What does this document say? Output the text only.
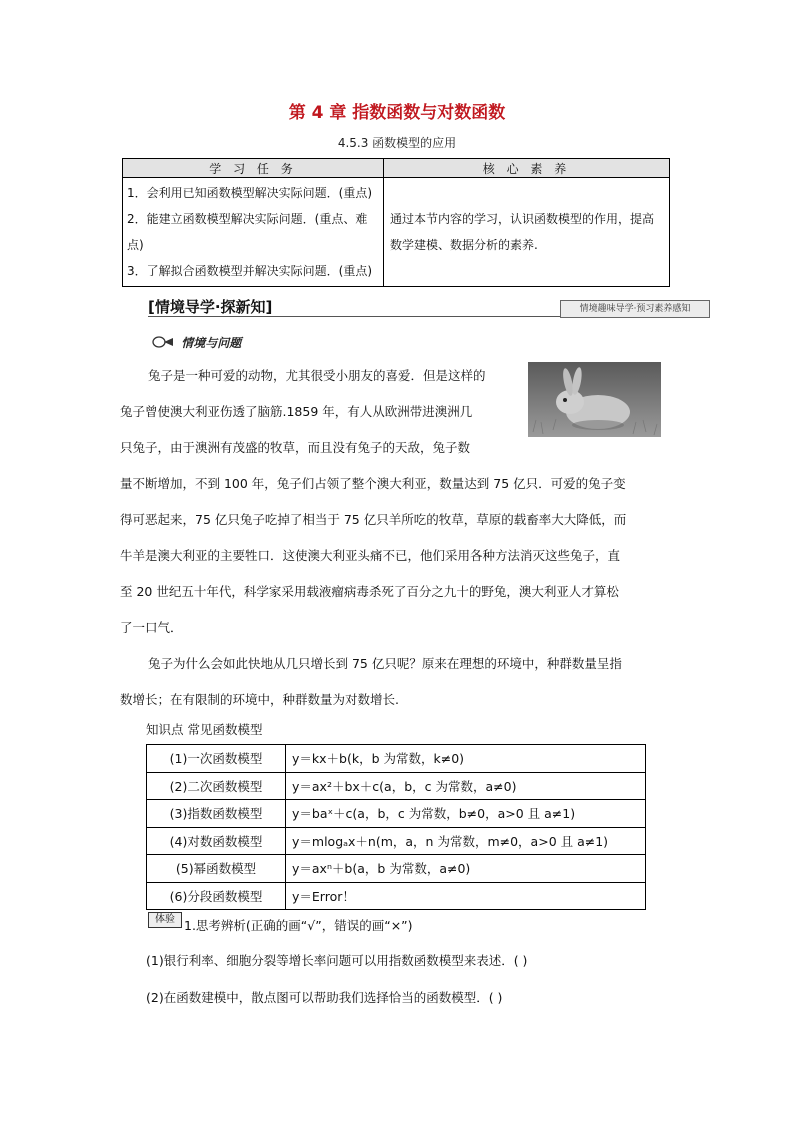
第 4 章 指数函数与对数函数
4.5.3 函数模型的应用
学 习 任 务	核 心 素 养

1．会利用已知函数模型解决实际问题．(重点)
2．能建立函数模型解决实际问题．(重点、难点)
3．了解拟合函数模型并解决实际问题．(重点)	通过本节内容的学习，认识函数模型的作用，提高数学建模、数据分析的素养.
[情境导学·探新知]	情境趣味导学·预习素养感知
情境与问题
兔子是一种可爱的动物，尤其很受小朋友的喜爱．但是这样的
兔子曾使澳大利亚伤透了脑筋.1859 年，有人从欧洲带进澳洲几
只兔子，由于澳洲有茂盛的牧草，而且没有兔子的天敌，兔子数
量不断增加，不到 100 年，兔子们占领了整个澳大利亚，数量达到 75 亿只．可爱的兔子变
得可恶起来，75 亿只兔子吃掉了相当于 75 亿只羊所吃的牧草，草原的载畜率大大降低，而
牛羊是澳大利亚的主要牲口．这使澳大利亚头痛不已，他们采用各种方法消灭这些兔子，直
至 20 世纪五十年代，科学家采用载液瘤病毒杀死了百分之九十的野兔，澳大利亚人才算松
了一口气．
兔子为什么会如此快地从几只增长到 75 亿只呢？原来在理想的环境中，种群数量呈指
数增长；在有限制的环境中，种群数量为对数增长.
知识点 常见函数模型
(1)一次函数模型	y＝kx＋b(k，b 为常数，k≠0)
(2)二次函数模型	y＝ax²＋bx＋c(a，b，c 为常数，a≠0)
(3)指数函数模型	y＝baˣ＋c(a，b，c 为常数，b≠0，a>0 且 a≠1)
(4)对数函数模型	y＝mlogₐx＋n(m，a，n 为常数，m≠0，a>0 且 a≠1)
(5)幂函数模型	y＝axⁿ＋b(a，b 为常数，a≠0)
(6)分段函数模型	y＝Error！
体验 1.思考辨析(正确的画“√”，错误的画“×”)
(1)银行利率、细胞分裂等增长率问题可以用指数函数模型来表述．( )
(2)在函数建模中，散点图可以帮助我们选择恰当的函数模型．( )
